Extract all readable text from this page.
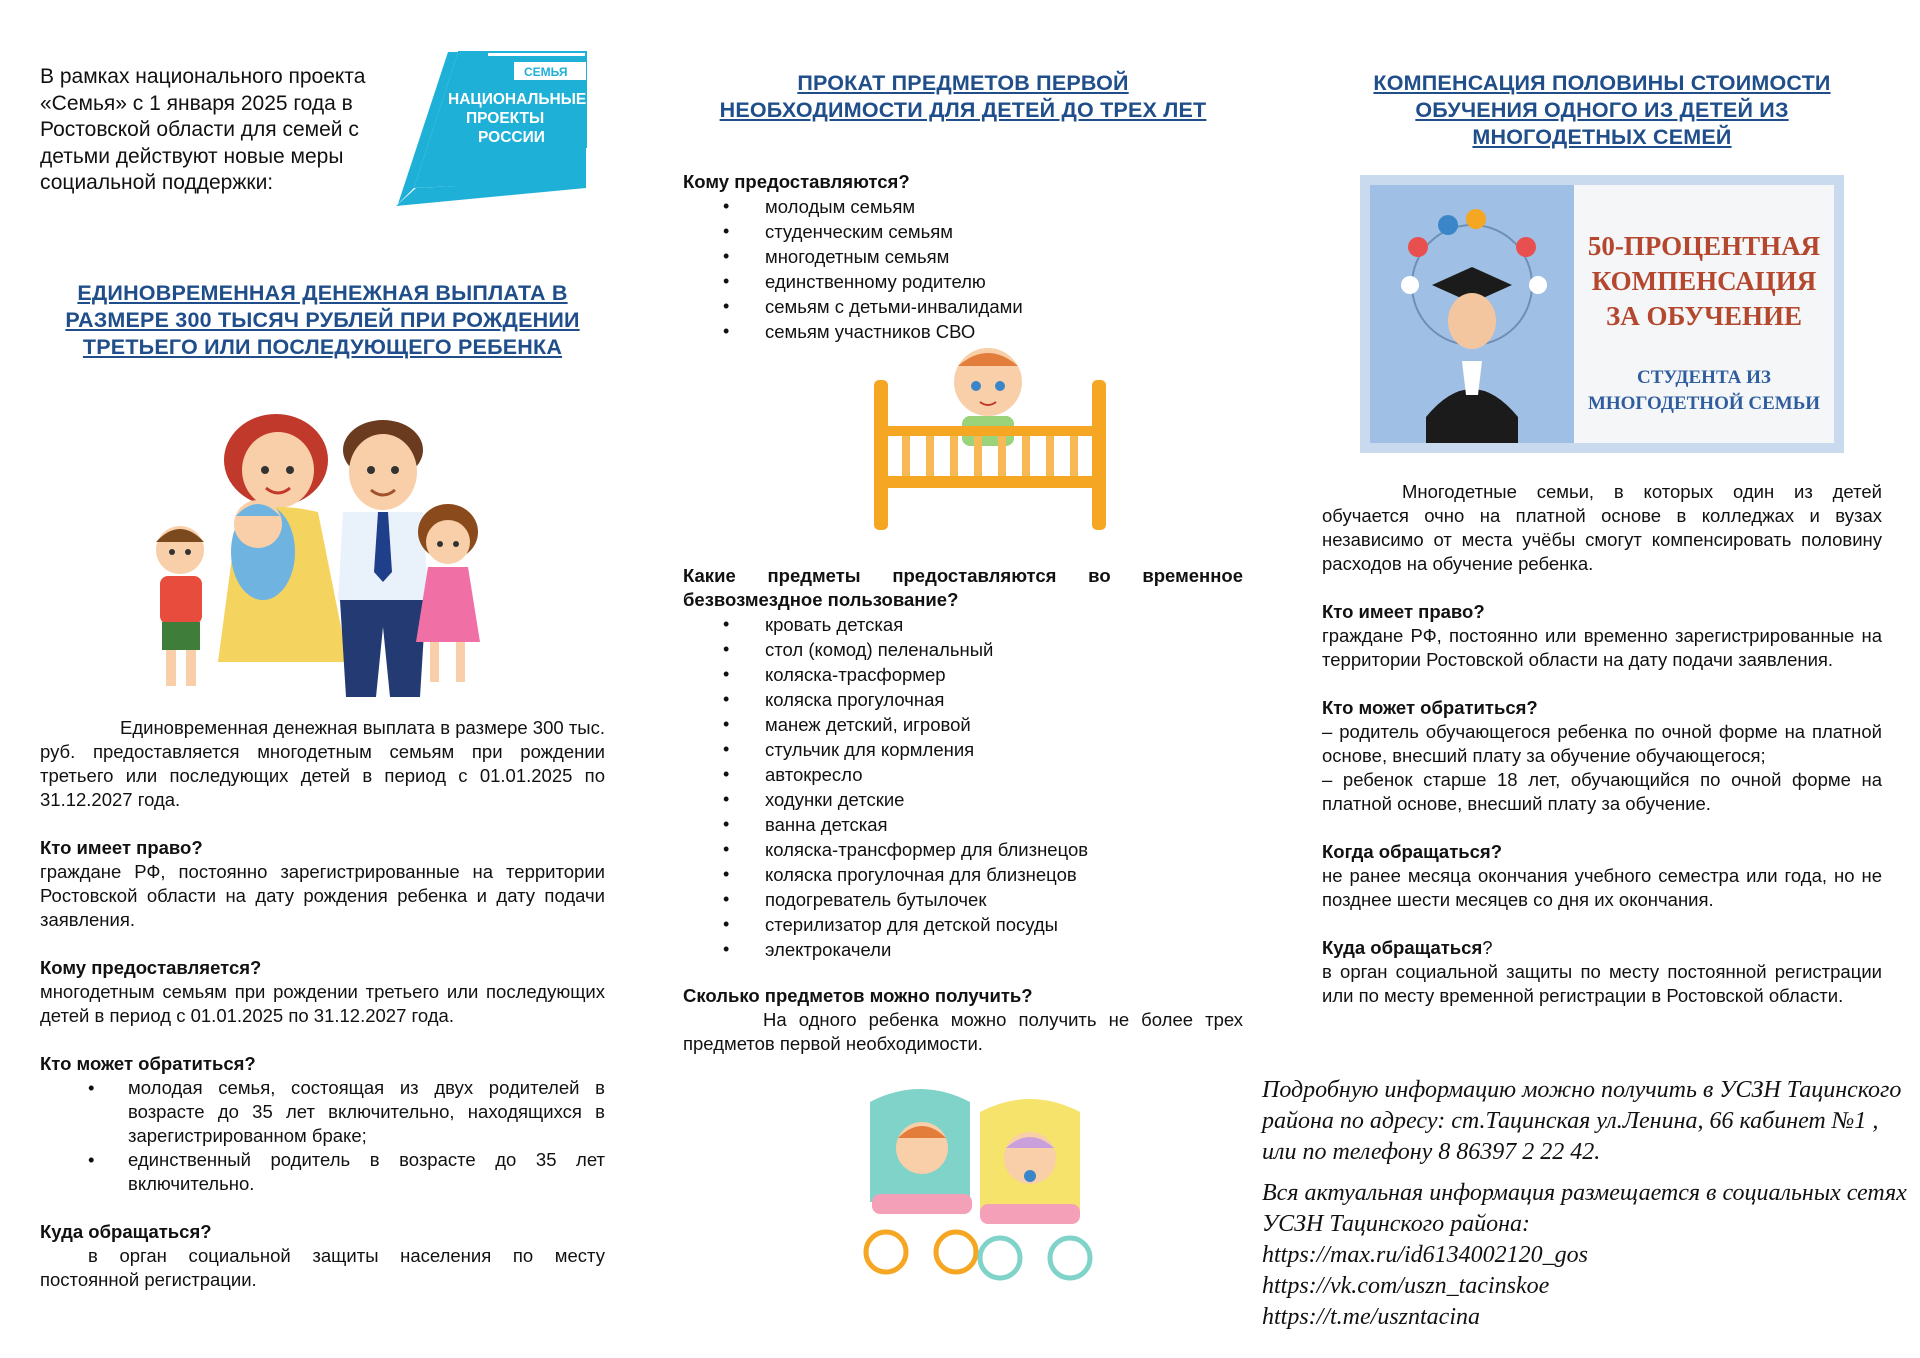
В рамках национального проекта «Семья» с 1 января 2025 года в Ростовской области для семей с детьми действуют новые меры социальной поддержки:
СЕМЬЯ
НАЦИОНАЛЬНЫЕ
ПРОЕКТЫ
РОССИИ
ЕДИНОВРЕМЕННАЯ ДЕНЕЖНАЯ ВЫПЛАТА В РАЗМЕРЕ 300 ТЫСЯЧ РУБЛЕЙ ПРИ РОЖДЕНИИ ТРЕТЬЕГО ИЛИ ПОСЛЕДУЮЩЕГО РЕБЕНКА

Единовременная денежная выплата в размере 300 тыс. руб. предоставляется многодетным семьям при рождении третьего или последующих детей в период с 01.01.2025 по 31.12.2027 года.

Кто имеет право?

граждане РФ, постоянно зарегистрированные на территории Ростовской области на дату рождения ребенка и дату подачи заявления.

Кому предоставляется?

многодетным семьям при рождении третьего или последующих детей в период с 01.01.2025 по 31.12.2027 года.

Кто может обратиться?

• молодая семья, состоящая из двух родителей в возрасте до 35 лет включительно, находящихся в зарегистрированном браке;
• единственный родитель в возрасте до 35 лет включительно.

Куда обращаться?

в орган социальной защиты населения по месту постоянной регистрации.

ПРОКАТ ПРЕДМЕТОВ ПЕРВОЙ НЕОБХОДИМОСТИ ДЛЯ ДЕТЕЙ ДО ТРЕХ ЛЕТ

Кому предоставляются?

• молодым семьям
• студенческим семьям
• многодетным семьям
• единственному родителю
• семьям с детьми-инвалидами
• семьям участников СВО

Какие предметы предоставляются во временное безвозмездное пользование?

• кровать детская
• стол (комод) пеленальный
• коляска-трасформер
• коляска прогулочная
• манеж детский, игровой
• стульчик для кормления
• автокресло
• ходунки детские
• ванна детская
• коляска-трансформер для близнецов
• коляска прогулочная для близнецов
• подогреватель бутылочек
• стерилизатор для детской посуды
• электрокачели

Сколько предметов можно получить?

На одного ребенка можно получить не более трех предметов первой необходимости.

КОМПЕНСАЦИЯ ПОЛОВИНЫ СТОИМОСТИ ОБУЧЕНИЯ ОДНОГО ИЗ ДЕТЕЙ ИЗ МНОГОДЕТНЫХ СЕМЕЙ
50-ПРОЦЕНТНАЯ
КОМПЕНСАЦИЯ
ЗА ОБУЧЕНИЕ
СТУДЕНТА ИЗ
МНОГОДЕТНОЙ СЕМЬИ

Многодетные семьи, в которых один из детей обучается очно на платной основе в колледжах и вузах независимо от места учёбы смогут компенсировать половину расходов на обучение ребенка.

Кто имеет право?

граждане РФ, постоянно или временно зарегистрированные на территории Ростовской области на дату подачи заявления.

Кто может обратиться?

– родитель обучающегося ребенка по очной форме на платной основе, внесший плату за обучение обучающегося;

– ребенок старше 18 лет, обучающийся по очной форме на платной основе, внесший плату за обучение.

Когда обращаться?

не ранее месяца окончания учебного семестра или года, но не позднее шести месяцев со дня их окончания.

Куда обращаться?

в орган социальной защиты по месту постоянной регистрации или по месту временной регистрации в Ростовской области.

Подробную информацию можно получить в УСЗН Тацинского района по адресу: ст.Тацинская ул.Ленина, 66 кабинет №1 , или по телефону 8 86397 2 22 42.
Вся актуальная информация размещается в социальных сетях УСЗН Тацинского района:
https://max.ru/id6134002120_gos
https://vk.com/uszn_tacinskoe
https://t.me/uszntacina
